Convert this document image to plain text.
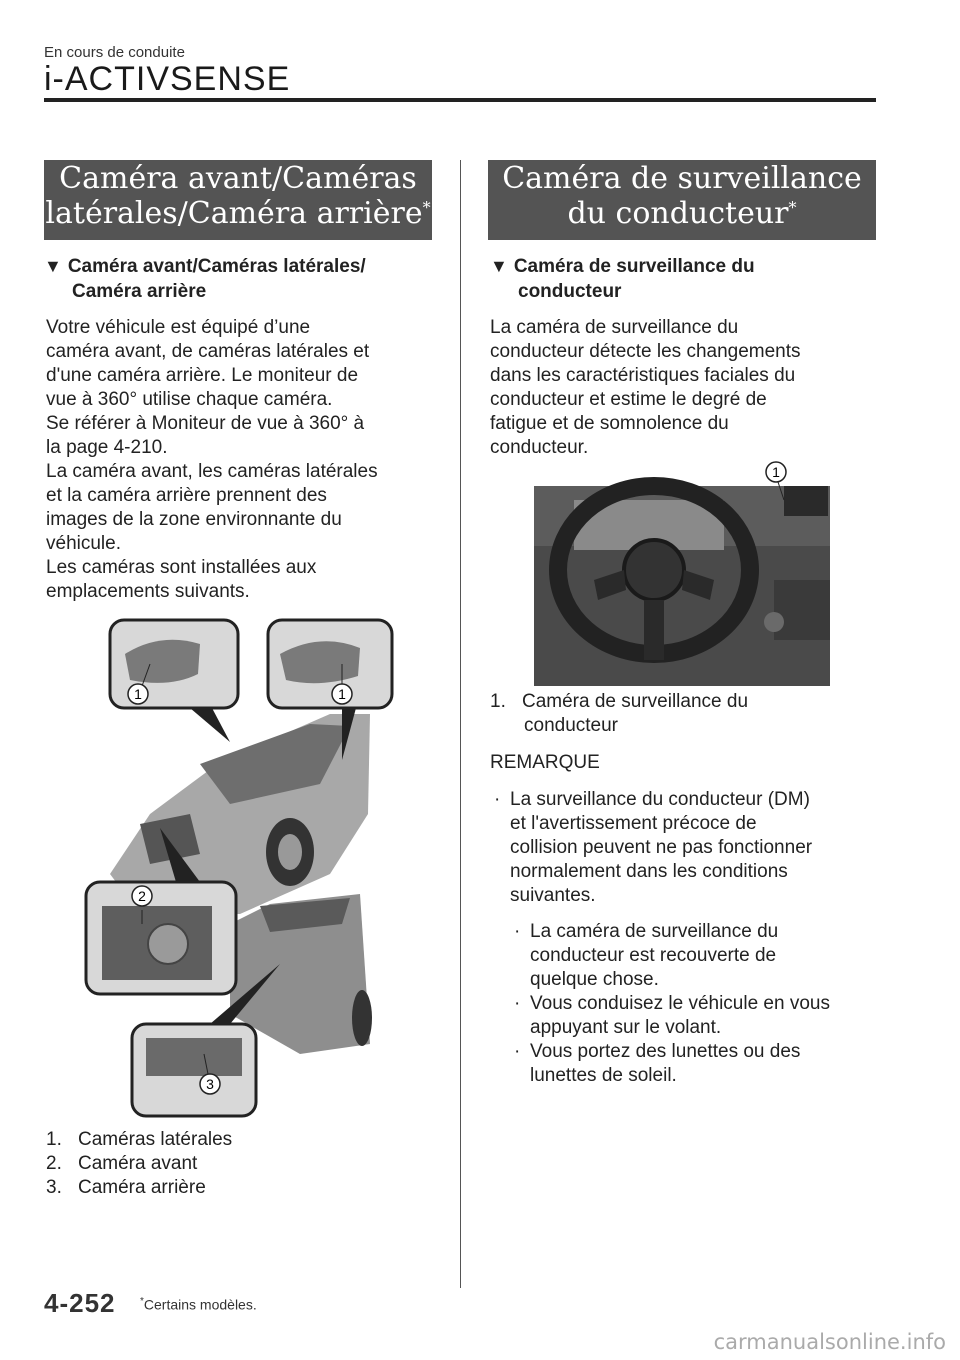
En cours de conduite
i-ACTIVSENSE
Caméra avant/Caméras
latérales/Caméra arrière*
▼ Caméra avant/Caméras latérales/
Caméra arrière
Votre véhicule est équipé d’une
caméra avant, de caméras latérales et
d'une caméra arrière. Le moniteur de
vue à 360° utilise chaque caméra.
Se référer à Moniteur de vue à 360° à
la page 4-210.
La caméra avant, les caméras latérales
et la caméra arrière prennent des
images de la zone environnante du
véhicule.
Les caméras sont installées aux
emplacements suivants.
1	1
2
3
1. Caméras latérales
2. Caméra avant
3. Caméra arrière
Caméra de surveillance
du conducteur*
▼ Caméra de surveillance du
conducteur
La caméra de surveillance du
conducteur détecte les changements
dans les caractéristiques faciales du
conducteur et estime le degré de
fatigue et de somnolence du
conducteur.
1
1. Caméra de surveillance du
conducteur
REMARQUE
· La surveillance du conducteur (DM)
et l'avertissement précoce de
collision peuvent ne pas fonctionner
normalement dans les conditions
suivantes.
· La caméra de surveillance du
conducteur est recouverte de
quelque chose.
· Vous conduisez le véhicule en vous
appuyant sur le volant.
· Vous portez des lunettes ou des
lunettes de soleil.
4-252 *Certains modèles.
carmanualsonline.info
